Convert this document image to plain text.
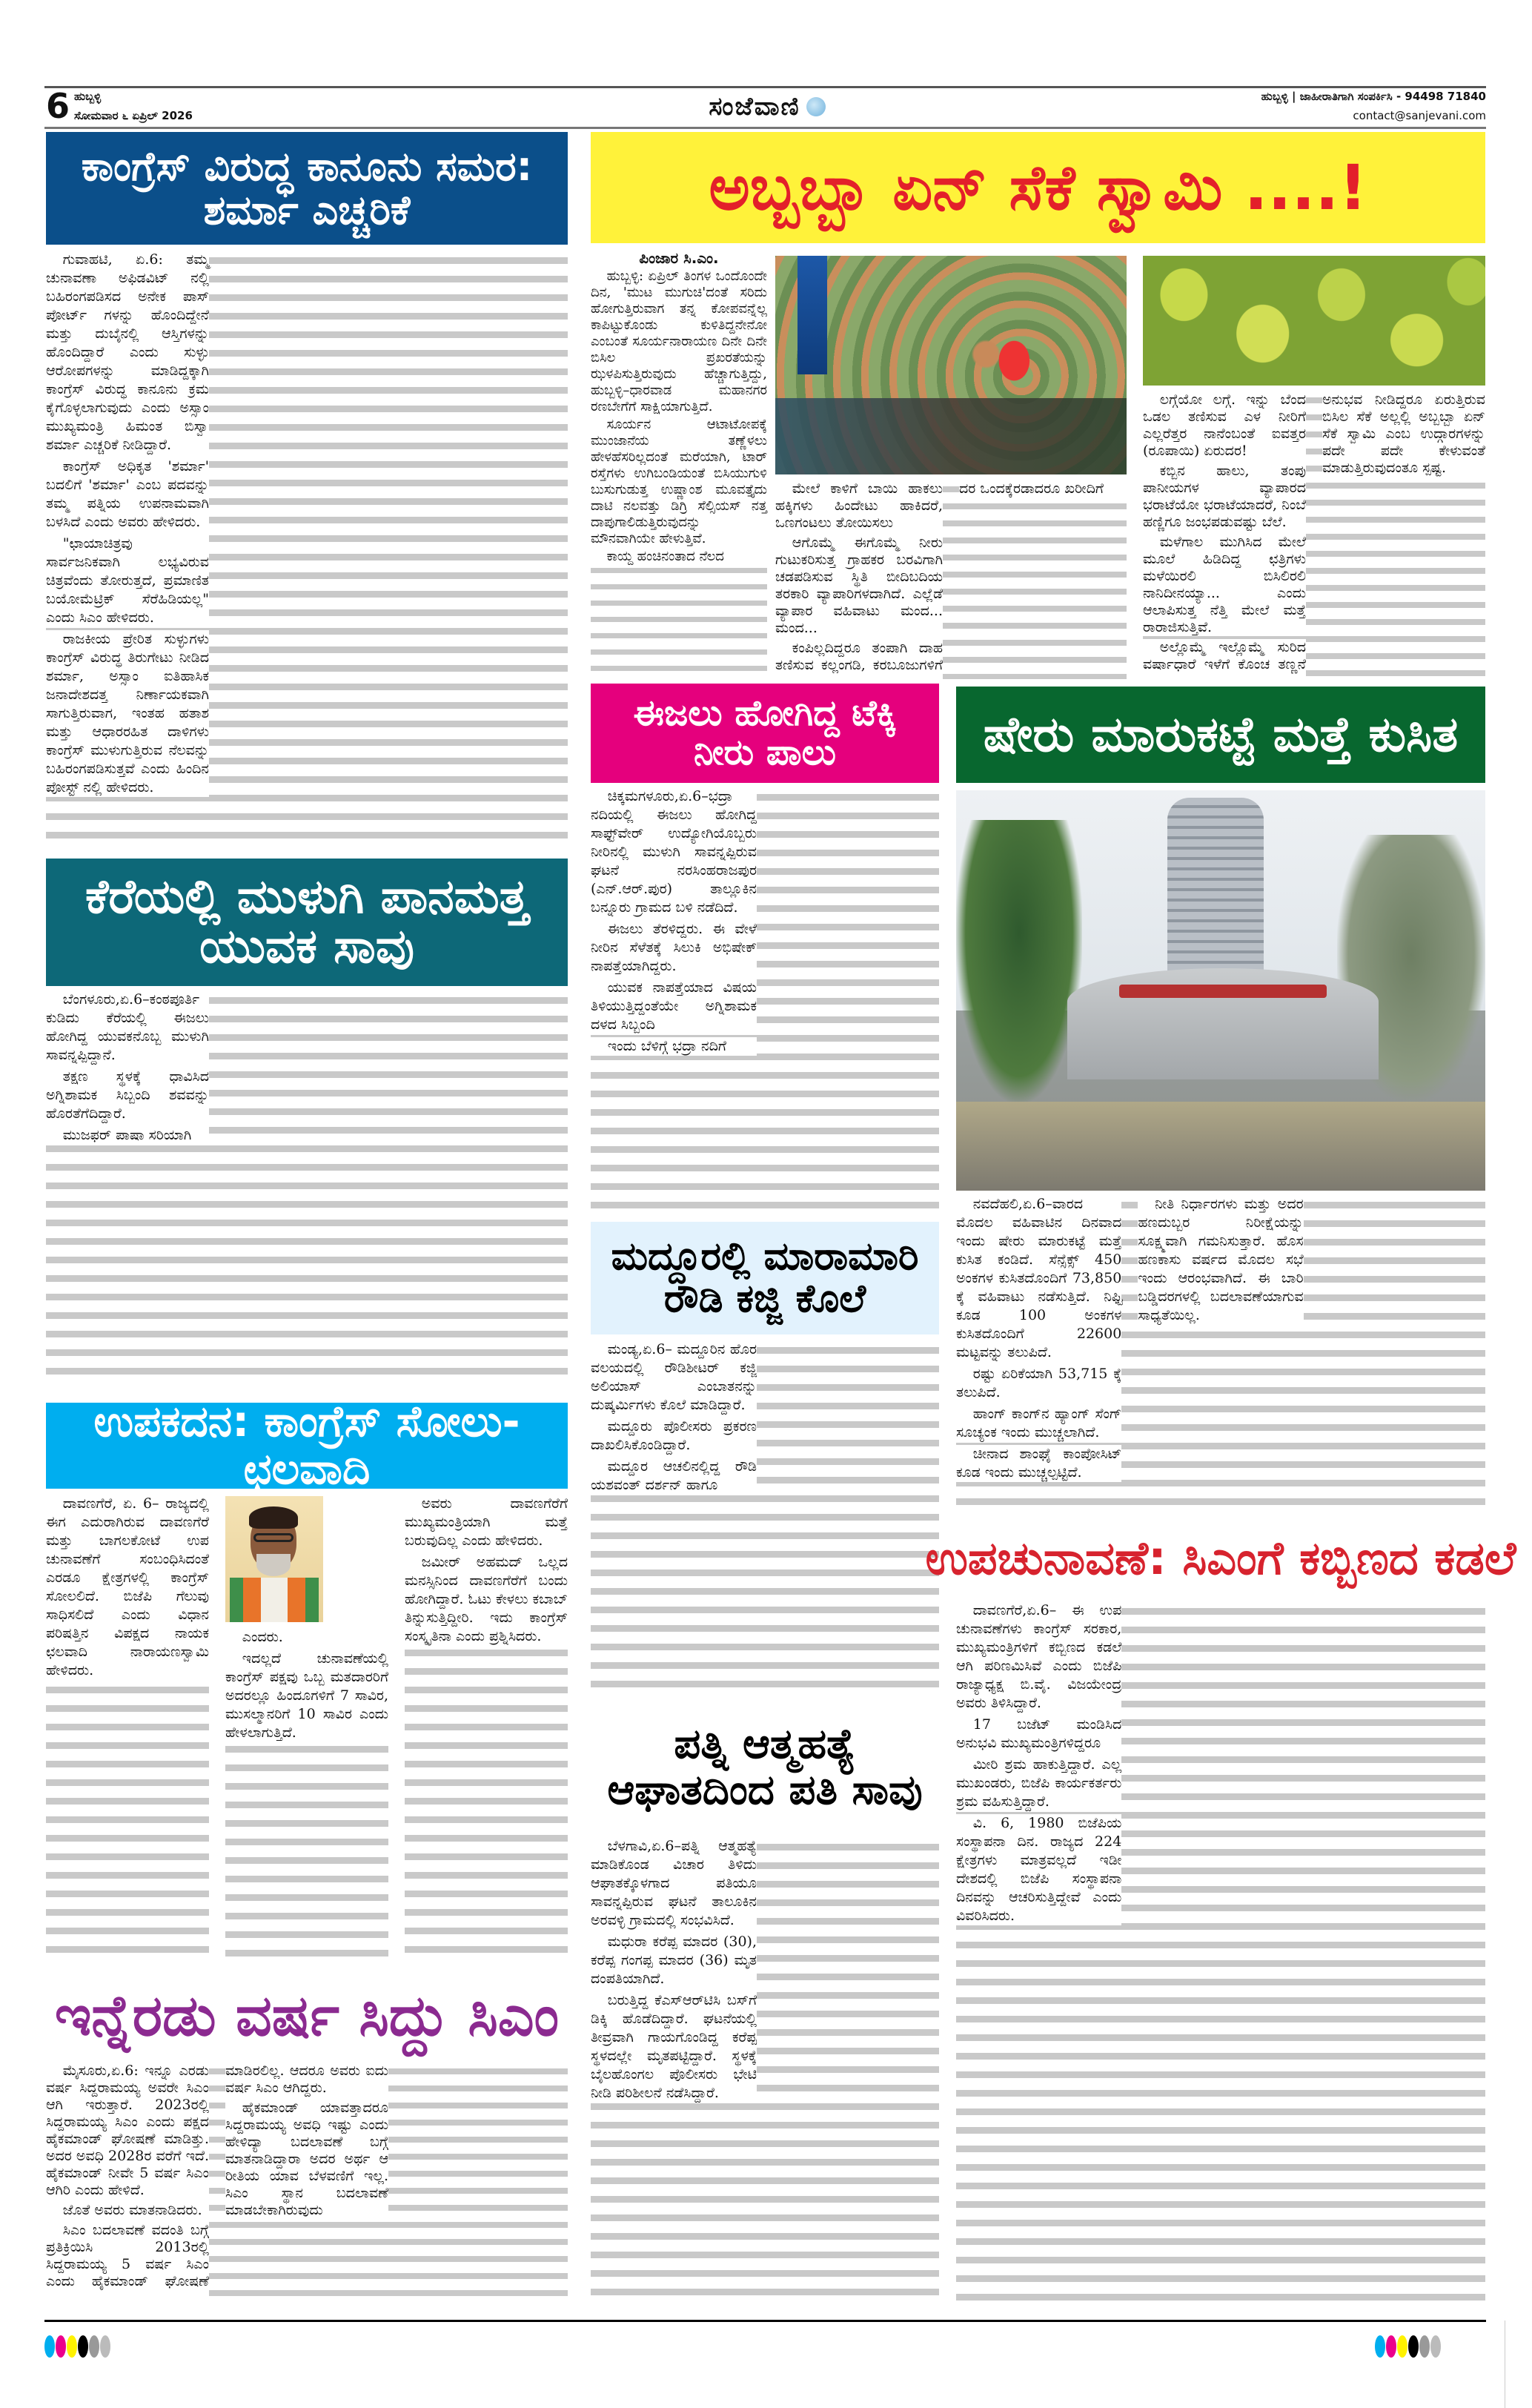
6 ಹುಬ್ಬಳ್ಳಿ
ಸೋಮವಾರ ೬ ಏಪ್ರಿಲ್ 2026	ಸಂಜೆವಾಣಿ	ಹುಬ್ಬಳ್ಳಿ | ಜಾಹೀರಾತಿಗಾಗಿ ಸಂಪರ್ಕಿಸಿ - 94498 71840
contact@sanjevani.com
ಕಾಂಗ್ರೆಸ್ ವಿರುದ್ಧ ಕಾನೂನು ಸಮರ: ಶರ್ಮಾ ಎಚ್ಚರಿಕೆ

ಗುವಾಹಟಿ, ಏ.6: ತಮ್ಮ ಚುನಾವಣಾ ಅಫಿಡವಿಟ್ ನಲ್ಲಿ ಬಹಿರಂಗಪಡಿಸದ ಅನೇಕ ಪಾಸ್ ಪೋರ್ಟ್ ಗಳನ್ನು ಹೊಂದಿದ್ದೇನೆ ಮತ್ತು ದುಬೈನಲ್ಲಿ ಆಸ್ತಿಗಳನ್ನು ಹೊಂದಿದ್ದಾರೆ ಎಂದು ಸುಳ್ಳು ಆರೋಪಗಳನ್ನು ಮಾಡಿದ್ದಕ್ಕಾಗಿ ಕಾಂಗ್ರೆಸ್ ವಿರುದ್ಧ ಕಾನೂನು ಕ್ರಮ ಕೈಗೊಳ್ಳಲಾಗುವುದು ಎಂದು ಅಸ್ಸಾಂ ಮುಖ್ಯಮಂತ್ರಿ ಹಿಮಂತ ಬಿಸ್ವಾ ಶರ್ಮಾ ಎಚ್ಚರಿಕೆ ನೀಡಿದ್ದಾರೆ.

ಕಾಂಗ್ರೆಸ್ ಅಧಿಕೃತ 'ಶರ್ಮಾ' ಬದಲಿಗೆ 'ಶರ್ಮಾ' ಎಂಬ ಪದವನ್ನು ತಮ್ಮ ಪತ್ನಿಯ ಉಪನಾಮವಾಗಿ ಬಳಸಿದೆ ಎಂದು ಅವರು ಹೇಳಿದರು.

"ಛಾಯಾಚಿತ್ರವು ಸಾರ್ವಜನಿಕವಾಗಿ ಲಭ್ಯವಿರುವ ಚಿತ್ರವೆಂದು ತೋರುತ್ತದೆ, ಪ್ರಮಾಣಿತ ಬಯೋಮೆಟ್ರಿಕ್ ಸೆರೆಹಿಡಿಯಲ್ಲ" ಎಂದು ಸಿಎಂ ಹೇಳಿದರು.

ರಾಜಕೀಯ ಪ್ರೇರಿತ ಸುಳ್ಳುಗಳು ಕಾಂಗ್ರೆಸ್ ವಿರುದ್ಧ ತಿರುಗೇಟು ನೀಡಿದ ಶರ್ಮಾ, ಅಸ್ಸಾಂ ಐತಿಹಾಸಿಕ ಜನಾದೇಶದತ್ತ ನಿರ್ಣಾಯಕವಾಗಿ ಸಾಗುತ್ತಿರುವಾಗ, ಇಂತಹ ಹತಾಶ ಮತ್ತು ಆಧಾರರಹಿತ ದಾಳಿಗಳು ಕಾಂಗ್ರೆಸ್ ಮುಳುಗುತ್ತಿರುವ ನೆಲವನ್ನು ಬಹಿರಂಗಪಡಿಸುತ್ತವೆ ಎಂದು ಹಿಂದಿನ ಪೋಸ್ಟ್ ನಲ್ಲಿ ಹೇಳಿದರು.

ಅಬ್ಬಬ್ಬಾ ಏನ್ ಸೆಕೆ ಸ್ವಾಮಿ ....!
ಪಿಂಜಾರ ಸಿ.ಎಂ.

ಹುಬ್ಬಳ್ಳಿ: ಏಪ್ರಿಲ್ ತಿಂಗಳ ಒಂದೊಂದೇ ದಿನ, 'ಮುಟ ಮುಗುಚಿ'ದಂತೆ ಸರಿದು ಹೋಗುತ್ತಿರುವಾಗ ತನ್ನ ಕೋಪವನ್ನೆಲ್ಲ ಕಾಪಿಟ್ಟುಕೊಂಡು ಕುಳಿತಿದ್ದನೇನೋ ಎಂಬಂತೆ ಸೂರ್ಯನಾರಾಯಣ ದಿನೇ ದಿನೇ ಬಿಸಿಲ ಪ್ರಖರತೆಯನ್ನು ಝಳಪಿಸುತ್ತಿರುವುದು ಹೆಚ್ಚಾಗುತ್ತಿದ್ದು, ಹುಬ್ಬಳ್ಳಿ–ಧಾರವಾಡ ಮಹಾನಗರ ರಣಬೇಗೆಗೆ ಸಾಕ್ಷಿಯಾಗುತ್ತಿದೆ.

ಸೂರ್ಯನ ಆಟಾಟೋಪಕ್ಕೆ ಮುಂಜಾನೆಯ ತಣ್ಣೆಳಲು ಹೇಳಹೆಸರಿಲ್ಲದಂತೆ ಮರೆಯಾಗಿ, ಟಾರ್ ರಸ್ತೆಗಳು ಉಗಿಬಂಡಿಯಂತೆ ಬಿಸಿಯುಗುಳಿ ಬುಸುಗುಡುತ್ತ ಉಷ್ಣಾಂಶ ಮೂವತ್ತೈದು ದಾಟಿ ನಲವತ್ತು ಡಿಗ್ರಿ ಸೆಲ್ಸಿಯಸ್ ನತ್ತ ದಾಪುಗಾಲಿಡುತ್ತಿರುವುದನ್ನು ಮೌನವಾಗಿಯೇ ಹೇಳುತ್ತಿವೆ.

ಕಾಯ್ದ ಹಂಚಿನಂತಾದ ನೆಲದ

ಮೇಲೆ ಕಾಳಿಗೆ ಬಾಯಿ ಹಾಕಲು ಹಕ್ಕಿಗಳು ಹಿಂದೇಟು ಹಾಕಿದರೆ, ಒಣಗಂಟಲು ತೋಯಿಸಲು

ಆಗೊಮ್ಮೆ ಈಗೊಮ್ಮೆ ನೀರು ಗುಟುಕರಿಸುತ್ತ ಗ್ರಾಹಕರ ಬರವಿಗಾಗಿ ಚಡಪಡಿಸುವ ಸ್ಥಿತಿ ಬೀದಿಬದಿಯ ತರಕಾರಿ ವ್ಯಾಪಾರಿಗಳದಾಗಿದೆ. ಎಲ್ಲೆಡೆ ವ್ಯಾಪಾರ ವಹಿವಾಟು ಮಂದ... ಮಂದ...

ಕಂಪಿಲ್ಲದಿದ್ದರೂ ತಂಪಾಗಿ ದಾಹ ತಣಿಸುವ ಕಲ್ಲಂಗಡಿ, ಕರಬೂಜುಗಳಿಗೆ ದರ ಒಂದಕ್ಕೆರಡಾದರೂ ಖರೀದಿಗೆ

ಲಗ್ಗೆಯೋ ಲಗ್ಗೆ. ಇನ್ನು ಬೆಂದ ಒಡಲ ತಣಿಸುವ ಎಳ ನೀರಿಗೆ ಎಲ್ಲರೆತ್ತರ ನಾನೆಂಬಂತೆ ಐವತ್ತರ (ರೂಪಾಯಿ) ಏರುದರ!

ಕಬ್ಬಿನ ಹಾಲು, ತಂಪು ಪಾನೀಯಗಳ ವ್ಯಾಪಾರದ ಭರಾಟೆಯೋ ಭರಾಟೆಯಾದರೆ, ನಿಂಬೆ ಹಣ್ಣಿಗೂ ಜಂಭಪಡುವಷ್ಟು ಬೆಲೆ.

ಮಳೆಗಾಲ ಮುಗಿಸಿದ ಮೇಲೆ ಮೂಲೆ ಹಿಡಿದಿದ್ದ ಛತ್ರಿಗಳು ಮಳೆಯಿರಲಿ ಬಿಸಿಲಿರಲಿ ನಾನಿದೀನಯ್ಯಾ... ಎಂದು ಆಲಾಪಿಸುತ್ತ ನೆತ್ತಿ ಮೇಲೆ ಮತ್ತೆ ರಾರಾಜಿಸುತ್ತಿವೆ.

ಅಲ್ಲೊಮ್ಮೆ ಇಲ್ಲೊಮ್ಮೆ ಸುರಿದ ವರ್ಷಾಧಾರೆ ಇಳೆಗೆ ಕೊಂಚ ತಣ್ಣನೆ ಅನುಭವ ನೀಡಿದ್ದರೂ ಏರುತ್ತಿರುವ ಬಿಸಿಲ ಸೆಕೆ ಅಲ್ಲಲ್ಲಿ ಅಬ್ಬಬ್ಬಾ ಏನ್ ಸೆಕೆ ಸ್ವಾಮಿ ಎಂಬ ಉದ್ಗಾರಗಳನ್ನು ಪದೇ ಪದೇ ಕೇಳುವಂತೆ ಮಾಡುತ್ತಿರುವುದಂತೂ ಸ್ಪಷ್ಟ.

ಈಜಲು ಹೋಗಿದ್ದ ಟೆಕ್ಕಿ ನೀರು ಪಾಲು

ಚಿಕ್ಕಮಗಳೂರು,ಏ.6–ಭದ್ರಾ ನದಿಯಲ್ಲಿ ಈಜಲು ಹೋಗಿದ್ದ ಸಾಫ್ಟ್‌ವೇರ್ ಉದ್ಯೋಗಿಯೊಬ್ಬರು ನೀರಿನಲ್ಲಿ ಮುಳುಗಿ ಸಾವನ್ನಪ್ಪಿರುವ ಘಟನೆ ನರಸಿಂಹರಾಜಪುರ (ಎನ್.ಆರ್.ಪುರ) ತಾಲ್ಲೂಕಿನ ಬನ್ನೂರು ಗ್ರಾಮದ ಬಳಿ ನಡೆದಿದೆ.

ಈಜಲು ತೆರಳಿದ್ದರು. ಈ ವೇಳೆ ನೀರಿನ ಸೆಳೆತಕ್ಕೆ ಸಿಲುಕಿ ಅಭಿಷೇಕ್ ನಾಪತ್ತೆಯಾಗಿದ್ದರು.

ಯುವಕ ನಾಪತ್ತೆಯಾದ ವಿಷಯ ತಿಳಿಯುತ್ತಿದ್ದಂತೆಯೇ ಅಗ್ನಿಶಾಮಕ ದಳದ ಸಿಬ್ಬಂದಿ

ಇಂದು ಬೆಳಿಗ್ಗೆ ಭದ್ರಾ ನದಿಗೆ

ಷೇರು ಮಾರುಕಟ್ಟೆ ಮತ್ತೆ ಕುಸಿತ

ನವದೆಹಲಿ,ಏ.6–ವಾರದ ಮೊದಲ ವಹಿವಾಟಿನ ದಿನವಾದ ಇಂದು ಷೇರು ಮಾರುಕಟ್ಟೆ ಮತ್ತೆ ಕುಸಿತ ಕಂಡಿದೆ. ಸೆನ್ಸೆಕ್ಸ್ 450 ಅಂಕಗಳ ಕುಸಿತದೊಂದಿಗೆ 73,850 ಕ್ಕೆ ವಹಿವಾಟು ನಡೆಸುತ್ತಿದೆ. ನಿಫ್ಟಿ ಕೂಡ 100 ಅಂಕಗಳ ಕುಸಿತದೊಂದಿಗೆ 22600 ಮಟ್ಟವನ್ನು ತಲುಪಿದೆ.

ರಷ್ಟು ಏರಿಕೆಯಾಗಿ 53,715 ಕ್ಕೆ ತಲುಪಿದೆ.

ಹಾಂಗ್ ಕಾಂಗ್‌ನ ಹ್ಯಾಂಗ್ ಸೆಂಗ್ ಸೂಚ್ಯಂಕ ಇಂದು ಮುಚ್ಚಲಾಗಿದೆ.

ಚೀನಾದ ಶಾಂಘೈ ಕಾಂಪೋಸಿಟ್ ಕೂಡ ಇಂದು ಮುಚ್ಚಲ್ಪಟ್ಟಿದೆ.

ನೀತಿ ನಿರ್ಧಾರಗಳು ಮತ್ತು ಅದರ ಹಣದುಬ್ಬರ ನಿರೀಕ್ಷೆಯನ್ನು ಸೂಕ್ಷ್ಮವಾಗಿ ಗಮನಿಸುತ್ತಾರೆ. ಹೊಸ ಹಣಕಾಸು ವರ್ಷದ ಮೊದಲ ಸಭೆ ಇಂದು ಆರಂಭವಾಗಿದೆ. ಈ ಬಾರಿ ಬಡ್ಡಿದರಗಳಲ್ಲಿ ಬದಲಾವಣೆಯಾಗುವ ಸಾಧ್ಯತೆಯಿಲ್ಲ.

ಕೆರೆಯಲ್ಲಿ ಮುಳುಗಿ ಪಾನಮತ್ತ ಯುವಕ ಸಾವು

ಬೆಂಗಳೂರು,ಏ.6–ಕಂಠಪೂರ್ತಿ ಕುಡಿದು ಕೆರೆಯಲ್ಲಿ ಈಜಲು ಹೋಗಿದ್ದ ಯುವಕನೊಬ್ಬ ಮುಳುಗಿ ಸಾವನ್ನಪ್ಪಿದ್ದಾನೆ.

ತಕ್ಷಣ ಸ್ಥಳಕ್ಕೆ ಧಾವಿಸಿದ ಅಗ್ನಿಶಾಮಕ ಸಿಬ್ಬಂದಿ ಶವವನ್ನು ಹೊರತೆಗೆದಿದ್ದಾರೆ.

ಮುಜಫರ್ ಪಾಷಾ ಸರಿಯಾಗಿ

ಮದ್ದೂರಲ್ಲಿ ಮಾರಾಮಾರಿ ರೌಡಿ ಕಜ್ಜಿ ಕೊಲೆ

ಮಂಡ್ಯ,ಏ.6– ಮದ್ದೂರಿನ ಹೊರ ವಲಯದಲ್ಲಿ ರೌಡಿಶೀಟರ್ ಕಜ್ಜಿ ಅಲಿಯಾಸ್ ಎಂಬಾತನನ್ನು ದುಷ್ಕರ್ಮಿಗಳು ಕೊಲೆ ಮಾಡಿದ್ದಾರೆ.

ಮದ್ದೂರು ಪೊಲೀಸರು ಪ್ರಕರಣ ದಾಖಲಿಸಿಕೊಂಡಿದ್ದಾರೆ.

ಮದ್ದೂರ ಆಚಲಿನಲ್ಲಿದ್ದ ರೌಡಿ ಯಶವಂತ್ ದರ್ಶನ್ ಹಾಗೂ

ಉಪಕದನ: ಕಾಂಗ್ರೆಸ್ ಸೋಲು- ಛಲವಾದಿ

ದಾವಣಗೆರೆ, ಏ. 6– ರಾಜ್ಯದಲ್ಲಿ ಈಗ ಎದುರಾಗಿರುವ ದಾವಣಗೆರೆ ಮತ್ತು ಬಾಗಲಕೋಟೆ ಉಪ ಚುನಾವಣೆಗೆ ಸಂಬಂಧಿಸಿದಂತೆ ಎರಡೂ ಕ್ಷೇತ್ರಗಳಲ್ಲಿ ಕಾಂಗ್ರೆಸ್ ಸೋಲಲಿದೆ. ಬಿಜೆಪಿ ಗೆಲುವು ಸಾಧಿಸಲಿದೆ ಎಂದು ವಿಧಾನ ಪರಿಷತ್ತಿನ ವಿಪಕ್ಷದ ನಾಯಕ ಛಲವಾದಿ ನಾರಾಯಣಸ್ವಾಮಿ ಹೇಳಿದರು.

ಎಂದರು.

ಇದಲ್ಲದೆ ಚುನಾವಣೆಯಲ್ಲಿ ಕಾಂಗ್ರೆಸ್ ಪಕ್ಷವು ಒಬ್ಬ ಮತದಾರರಿಗೆ ಅದರಲ್ಲೂ ಹಿಂದೂಗಳಿಗೆ 7 ಸಾವಿರ, ಮುಸಲ್ಮಾನರಿಗೆ 10 ಸಾವಿರ ಎಂದು ಹೇಳಲಾಗುತ್ತಿದೆ.

ಅವರು ದಾವಣಗೆರೆಗೆ ಮುಖ್ಯಮಂತ್ರಿಯಾಗಿ ಮತ್ತೆ ಬರುವುದಿಲ್ಲ ಎಂದು ಹೇಳಿದರು.

ಜಮೀರ್ ಅಹಮದ್ ಒಲ್ಲದ ಮನಸ್ಸಿನಿಂದ ದಾವಣಗೆರೆಗೆ ಬಂದು ಹೋಗಿದ್ದಾರೆ. ಓಟು ಕೇಳಲು ಕಬಾಬ್ ತಿನ್ನುಸುತ್ತಿದ್ದೀರಿ. ಇದು ಕಾಂಗ್ರೆಸ್ ಸಂಸ್ಕೃತಿನಾ ಎಂದು ಪ್ರಶ್ನಿಸಿದರು.

ಇನ್ನೆರಡು ವರ್ಷ ಸಿದ್ದು ಸಿಎಂ

ಮೈಸೂರು,ಏ.6: ಇನ್ನೂ ಎರಡು ವರ್ಷ ಸಿದ್ದರಾಮಯ್ಯ ಅವರೇ ಸಿಎಂ ಆಗಿ ಇರುತ್ತಾರೆ. 2023ರಲ್ಲಿ ಸಿದ್ದರಾಮಯ್ಯ ಸಿಎಂ ಎಂದು ಪಕ್ಷದ ಹೈಕಮಾಂಡ್ ಘೋಷಣೆ ಮಾಡಿತ್ತು. ಅದರ ಅವಧಿ 2028ರ ವರೆಗೆ ಇದೆ. ಹೈಕಮಾಂಡ್ ನೀವೇ 5 ವರ್ಷ ಸಿಎಂ ಆಗಿರಿ ಎಂದು ಹೇಳಿದೆ.

ಜೊತೆ ಅವರು ಮಾತನಾಡಿದರು.

ಸಿಎಂ ಬದಲಾವಣೆ ವದಂತಿ ಬಗ್ಗೆ ಪ್ರತಿಕ್ರಿಯಿಸಿ 2013ರಲ್ಲಿ ಸಿದ್ದರಾಮಯ್ಯ 5 ವರ್ಷ ಸಿಎಂ ಎಂದು ಹೈಕಮಾಂಡ್ ಘೋಷಣೆ ಮಾಡಿರಲಿಲ್ಲ. ಆದರೂ ಅವರು ಐದು ವರ್ಷ ಸಿಎಂ ಆಗಿದ್ದರು.

ಹೈಕಮಾಂಡ್ ಯಾವತ್ತಾದರೂ ಸಿದ್ದರಾಮಯ್ಯ ಅವಧಿ ಇಷ್ಟು ಎಂದು ಹೇಳಿದ್ಯಾ ಬದಲಾವಣೆ ಬಗ್ಗೆ ಮಾತನಾಡಿದ್ದಾರಾ ಅದರ ಅರ್ಥ ಆ ರೀತಿಯ ಯಾವ ಬೆಳವಣಿಗೆ ಇಲ್ಲ. ಸಿಎಂ ಸ್ಥಾನ ಬದಲಾವಣೆ ಮಾಡಬೇಕಾಗಿರುವುದು

ಪತ್ನಿ ಆತ್ಮಹತ್ಯೆ ಆಘಾತದಿಂದ ಪತಿ ಸಾವು

ಬೆಳಗಾವಿ,ಏ.6–ಪತ್ನಿ ಆತ್ಮಹತ್ಯೆ ಮಾಡಿಕೊಂಡ ವಿಚಾರ ತಿಳಿದು ಆಘಾತಕ್ಕೊಳಗಾದ ಪತಿಯೂ ಸಾವನ್ನಪ್ಪಿರುವ ಘಟನೆ ತಾಲೂಕಿನ ಅರವಳ್ಳಿ ಗ್ರಾಮದಲ್ಲಿ ಸಂಭವಿಸಿದೆ.

ಮಧುರಾ ಕರೆಪ್ಪ ಮಾದರ (30), ಕರೆಪ್ಪ ಗಂಗಪ್ಪ ಮಾದರ (36) ಮೃತ ದಂಪತಿಯಾಗಿದೆ.

ಬರುತ್ತಿದ್ದ ಕೆಎಸ್‌ಆರ್‌ಟಿಸಿ ಬಸ್‌ಗೆ ಡಿಕ್ಕಿ ಹೊಡೆದಿದ್ದಾರೆ. ಘಟನೆಯಲ್ಲಿ ತೀವ್ರವಾಗಿ ಗಾಯಗೊಂಡಿದ್ದ ಕರೆಪ್ಪ ಸ್ಥಳದಲ್ಲೇ ಮೃತಪಟ್ಟಿದ್ದಾರೆ. ಸ್ಥಳಕ್ಕೆ ಬೈಲಹೊಂಗಲ ಪೊಲೀಸರು ಭೇಟಿ ನೀಡಿ ಪರಿಶೀಲನೆ ನಡೆಸಿದ್ದಾರೆ.

ಉಪಚುನಾವಣೆ: ಸಿಎಂಗೆ ಕಬ್ಬಿಣದ ಕಡಲೆ

ದಾವಣಗೆರೆ,ಏ.6– ಈ ಉಪ ಚುನಾವಣೆಗಳು ಕಾಂಗ್ರೆಸ್ ಸರಕಾರ, ಮುಖ್ಯಮಂತ್ರಿಗಳಿಗೆ ಕಬ್ಬಿಣದ ಕಡಲೆ ಆಗಿ ಪರಿಣಮಿಸಿವೆ ಎಂದು ಬಿಜೆಪಿ ರಾಜ್ಯಾಧ್ಯಕ್ಷ ಬಿ.ವೈ. ವಿಜಯೇಂದ್ರ ಅವರು ತಿಳಿಸಿದ್ದಾರೆ.

17 ಬಜೆಟ್ ಮಂಡಿಸಿದ ಅನುಭವಿ ಮುಖ್ಯಮಂತ್ರಿಗಳಿದ್ದರೂ

ಮೀರಿ ಶ್ರಮ ಹಾಕುತ್ತಿದ್ದಾರೆ. ಎಲ್ಲ ಮುಖಂಡರು, ಬಿಜೆಪಿ ಕಾರ್ಯಕರ್ತರು ಶ್ರಮ ವಹಿಸುತ್ತಿದ್ದಾರೆ.

ವಿ. 6, 1980 ಬಿಜೆಪಿಯ ಸಂಸ್ಥಾಪನಾ ದಿನ. ರಾಜ್ಯದ 224 ಕ್ಷೇತ್ರಗಳು ಮಾತ್ರವಲ್ಲದೆ ಇಡೀ ದೇಶದಲ್ಲಿ ಬಿಜೆಪಿ ಸಂಸ್ಥಾಪನಾ ದಿನವನ್ನು ಆಚರಿಸುತ್ತಿದ್ದೇವೆ ಎಂದು ವಿವರಿಸಿದರು.
